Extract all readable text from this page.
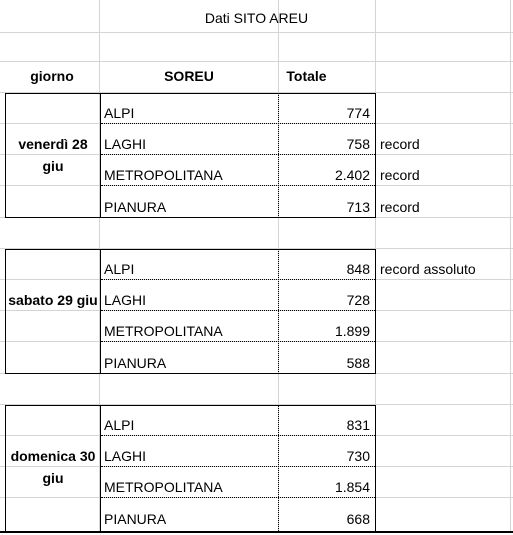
Dati SITO AREU
giorno	SOREU	Totale
venerdì 28 giu
ALPI	774
LAGHI	758 record
METROPOLITANA	2.402 record
PIANURA	713 record
sabato 29 giu
ALPI	848 record assoluto
LAGHI	728
METROPOLITANA	1.899
PIANURA	588
domenica 30 giu
ALPI	831
LAGHI	730
METROPOLITANA	1.854
PIANURA	668
